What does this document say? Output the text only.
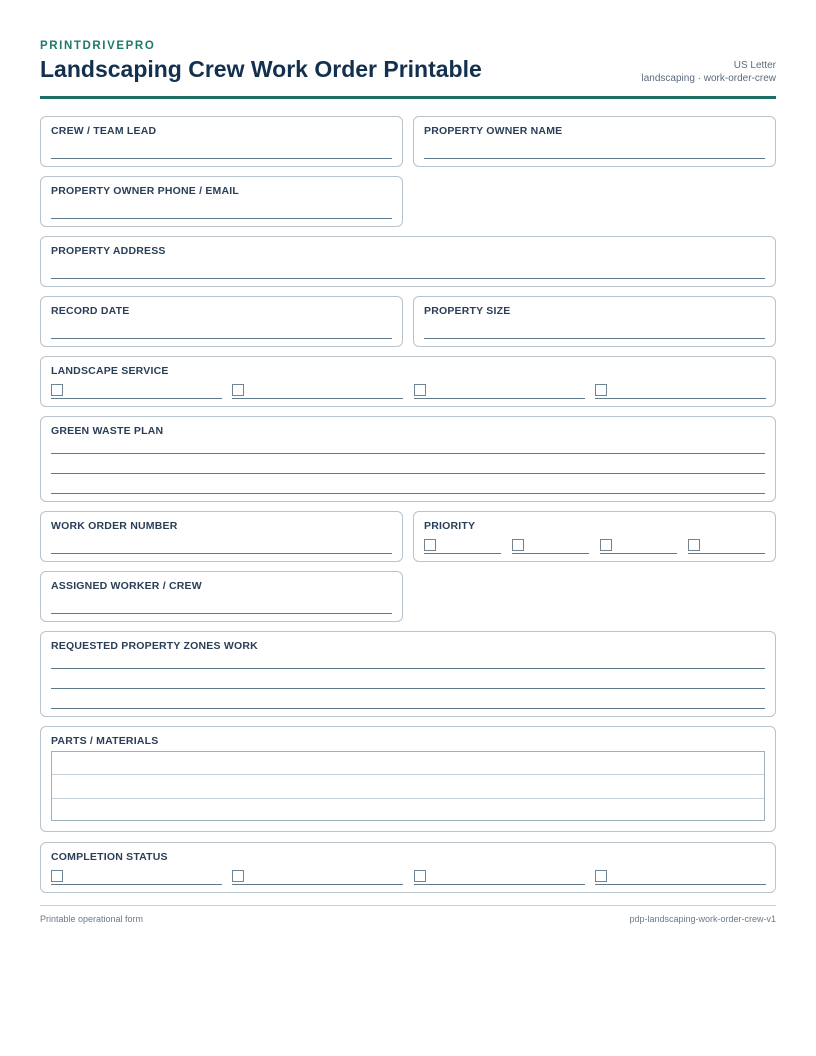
PRINTDRIVEPRO
Landscaping Crew Work Order Printable	US Letter
landscaping · work-order-crew
CREW / TEAM LEAD	PROPERTY OWNER NAME
PROPERTY OWNER PHONE / EMAIL
PROPERTY ADDRESS
RECORD DATE	PROPERTY SIZE
LANDSCAPE SERVICE
GREEN WASTE PLAN
WORK ORDER NUMBER	PRIORITY
ASSIGNED WORKER / CREW
REQUESTED PROPERTY ZONES WORK
PARTS / MATERIALS
COMPLETION STATUS
Printable operational form	pdp-landscaping-work-order-crew-v1
